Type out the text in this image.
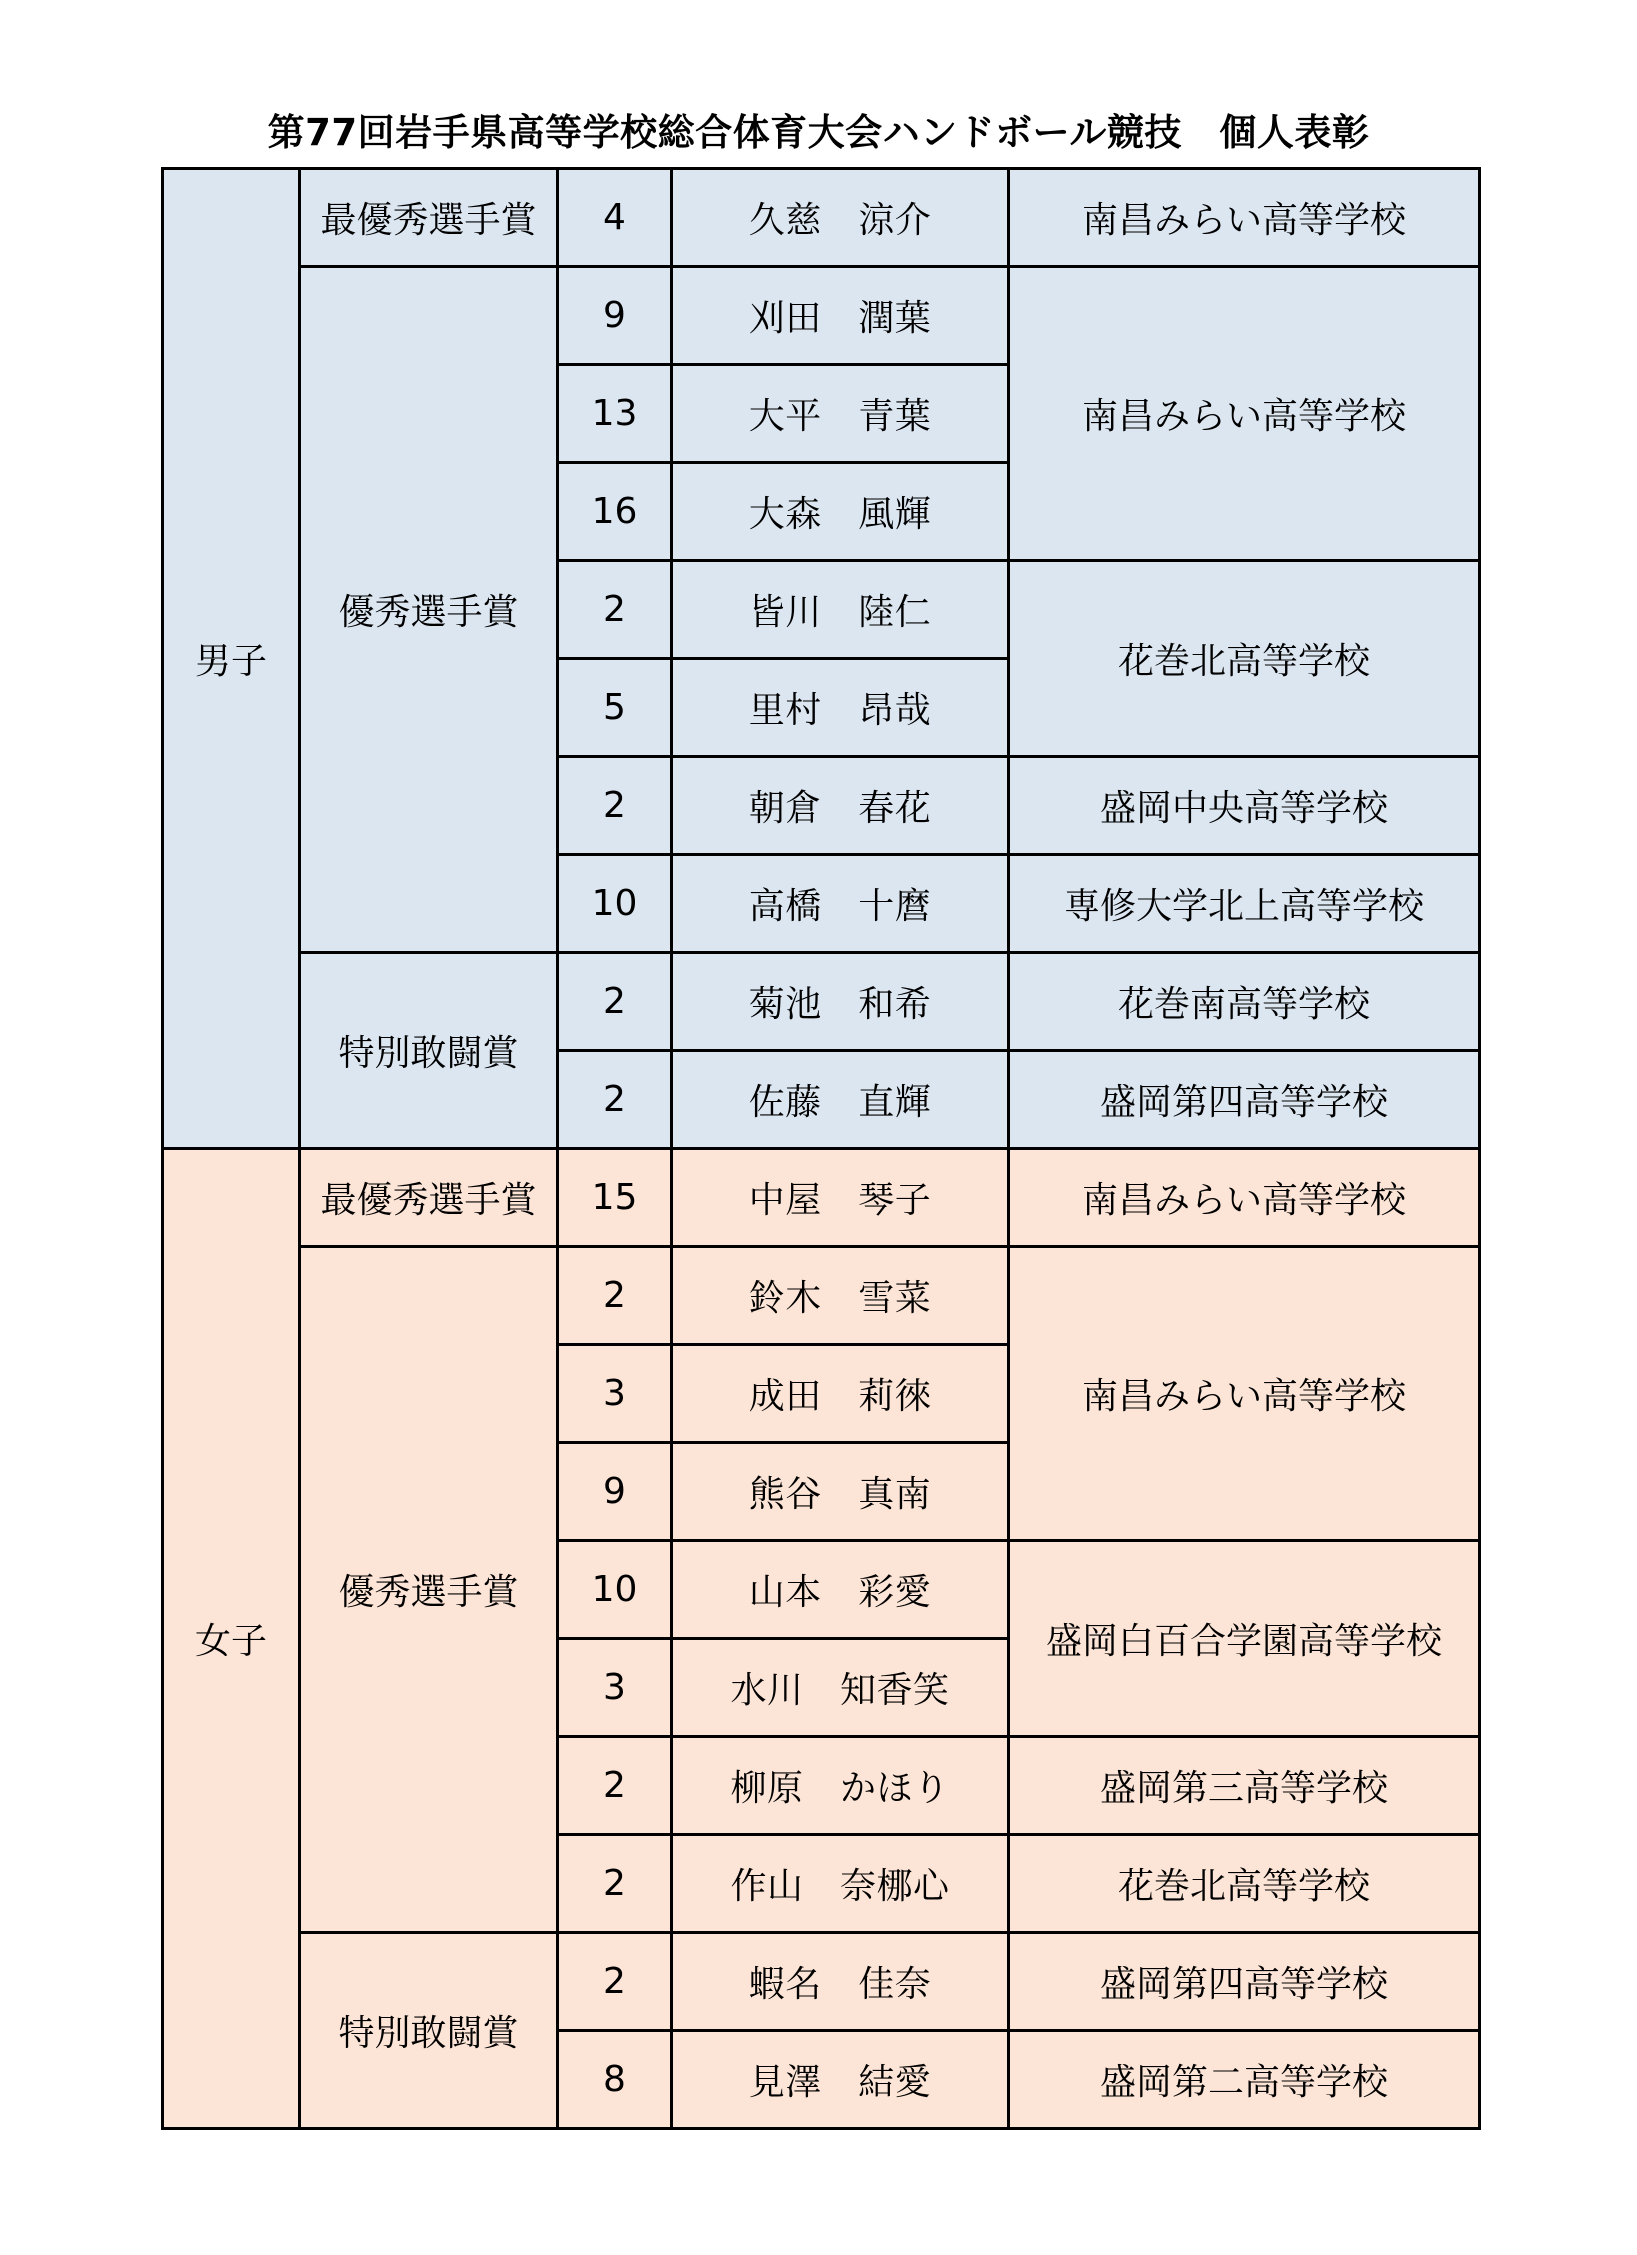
第77回岩手県高等学校総合体育大会ハンドボール競技　個人表彰
男子	最優秀選手賞	4	久慈　涼介	南昌みらい高等学校
	優秀選手賞	9	刈田　潤葉	南昌みらい高等学校
		13	大平　青葉	
		16	大森　風輝	
		2	皆川　陸仁	花巻北高等学校
		5	里村　昂哉	
		2	朝倉　春花	盛岡中央高等学校
		10	高橋　十麿	専修大学北上高等学校
	特別敢闘賞	2	菊池　和希	花巻南高等学校
		2	佐藤　直輝	盛岡第四高等学校
女子	最優秀選手賞	15	中屋　琴子	南昌みらい高等学校
	優秀選手賞	2	鈴木　雪菜	南昌みらい高等学校
		3	成田　莉徠	
		9	熊谷　真南	
		10	山本　彩愛	盛岡白百合学園高等学校
		3	水川　知香笑	
		2	柳原　かほり	盛岡第三高等学校
		2	作山　奈梛心	花巻北高等学校
	特別敢闘賞	2	蝦名　佳奈	盛岡第四高等学校
		8	見澤　結愛	盛岡第二高等学校
